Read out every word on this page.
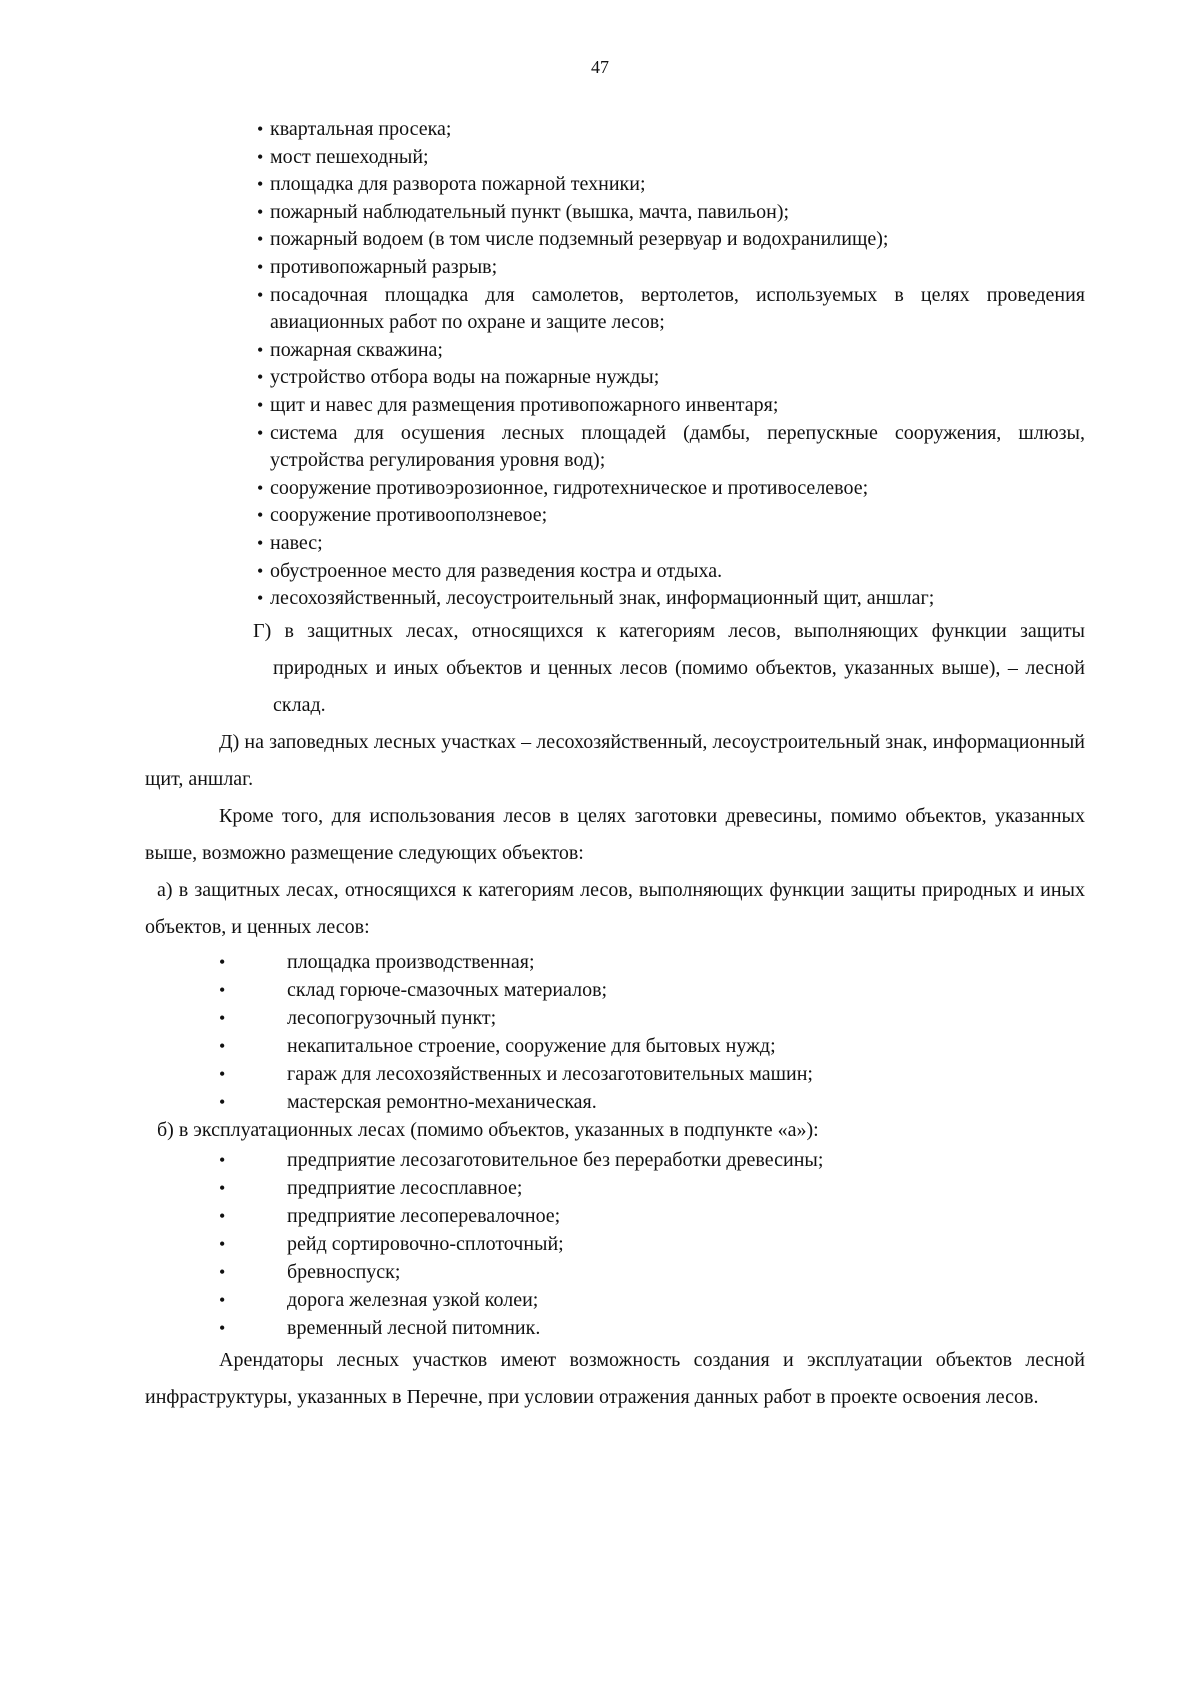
47
• квартальная просека;
• мост пешеходный;
• площадка для разворота пожарной техники;
• пожарный наблюдательный пункт (вышка, мачта, павильон);
• пожарный водоем (в том числе подземный резервуар и водохранилище);
• противопожарный разрыв;
• посадочная площадка для самолетов, вертолетов, используемых в целях проведения авиационных работ по охране и защите лесов;
• пожарная скважина;
• устройство отбора воды на пожарные нужды;
• щит и навес для размещения противопожарного инвентаря;
• система для осушения лесных площадей (дамбы, перепускные сооружения, шлюзы, устройства регулирования уровня вод);
• сооружение противоэрозионное, гидротехническое и противоселевое;
• сооружение противооползневое;
• навес;
• обустроенное место для разведения костра и отдыха.
• лесохозяйственный, лесоустроительный знак, информационный щит, аншлаг;

Г) в защитных лесах, относящихся к категориям лесов, выполняющих функции защиты природных и иных объектов и ценных лесов (помимо объектов, указанных выше), – лесной склад.

Д) на заповедных лесных участках – лесохозяйственный, лесоустроительный знак, информационный щит, аншлаг.

Кроме того, для использования лесов в целях заготовки древесины, помимо объектов, указанных выше, возможно размещение следующих объектов:

а) в защитных лесах, относящихся к категориям лесов, выполняющих функции защиты природных и иных объектов, и ценных лесов:

• площадка производственная;
• склад горюче-смазочных материалов;
• лесопогрузочный пункт;
• некапитальное строение, сооружение для бытовых нужд;
• гараж для лесохозяйственных и лесозаготовительных машин;
• мастерская ремонтно-механическая.

б) в эксплуатационных лесах (помимо объектов, указанных в подпункте «а»):

• предприятие лесозаготовительное без переработки древесины;
• предприятие лесосплавное;
• предприятие лесоперевалочное;
• рейд сортировочно-сплоточный;
• бревноспуск;
• дорога железная узкой колеи;
• временный лесной питомник.

Арендаторы лесных участков имеют возможность создания и эксплуатации объектов лесной инфраструктуры, указанных в Перечне, при условии отражения данных работ в проекте освоения лесов.
